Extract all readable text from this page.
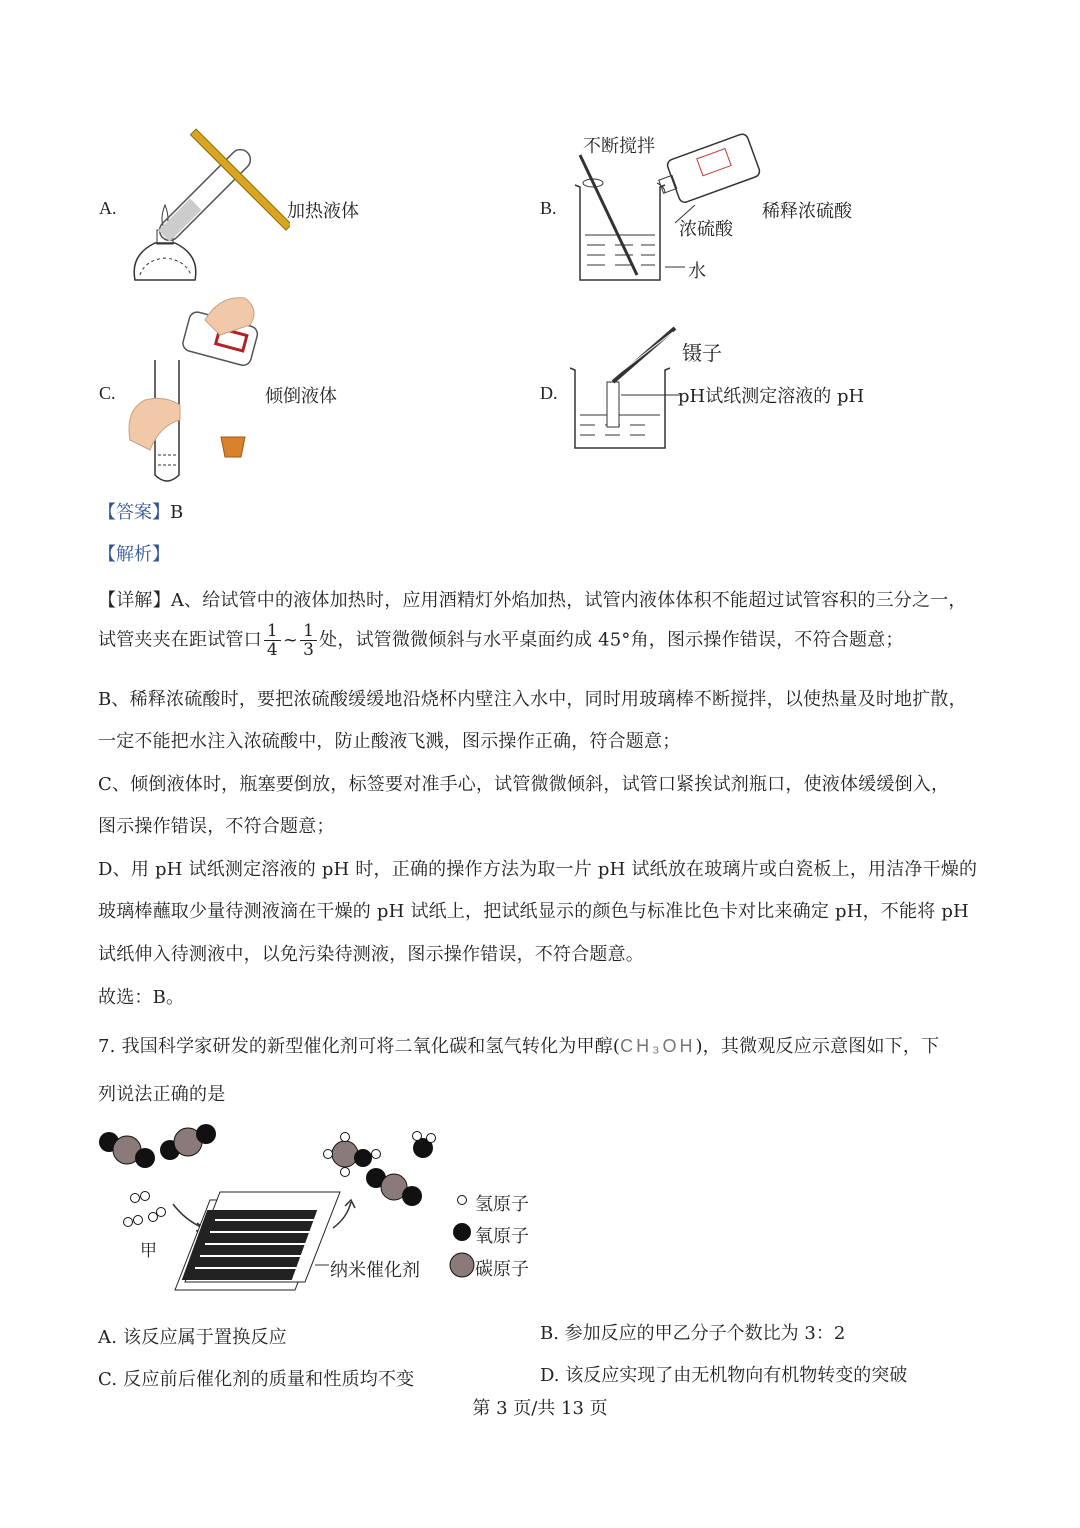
A.	加热液体	B.
不断搅拌
浓硫酸
水
稀释浓硫酸
C.	倾倒液体	D.
镊子
pH试纸测定溶液的 pH
【答案】B
【解析】
【详解】A、给试管中的液体加热时，应用酒精灯外焰加热，试管内液体体积不能超过试管容积的三分之一，
试管夹夹在距试管口 $\frac{1}{4}$ ~ $\frac{1}{3}$ 处，试管微微倾斜与水平桌面约成 45°角，图示操作错误，不符合题意；
B、稀释浓硫酸时，要把浓硫酸缓缓地沿烧杯内壁注入水中，同时用玻璃棒不断搅拌，以使热量及时地扩散，
一定不能把水注入浓硫酸中，防止酸液飞溅，图示操作正确，符合题意；
C、倾倒液体时，瓶塞要倒放，标签要对准手心，试管微微倾斜，试管口紧挨试剂瓶口，使液体缓缓倒入，
图示操作错误，不符合题意；
D、用 pH 试纸测定溶液的 pH 时，正确的操作方法为取一片 pH 试纸放在玻璃片或白瓷板上，用洁净干燥的
玻璃棒蘸取少量待测液滴在干燥的 pH 试纸上，把试纸显示的颜色与标准比色卡对比来确定 pH，不能将 pH
试纸伸入待测液中，以免污染待测液，图示操作错误，不符合题意。
故选：B。
7. 我国科学家研发的新型催化剂可将二氧化碳和氢气转化为甲醇(CH₃OH)，其微观反应示意图如下，下
列说法正确的是
甲
纳米催化剂
氢原子
氧原子
碳原子
A. 该反应属于置换反应	B. 参加反应的甲乙分子个数比为 3：2
C. 反应前后催化剂的质量和性质均不变	D. 该反应实现了由无机物向有机物转变的突破
第 3 页/共 13 页
